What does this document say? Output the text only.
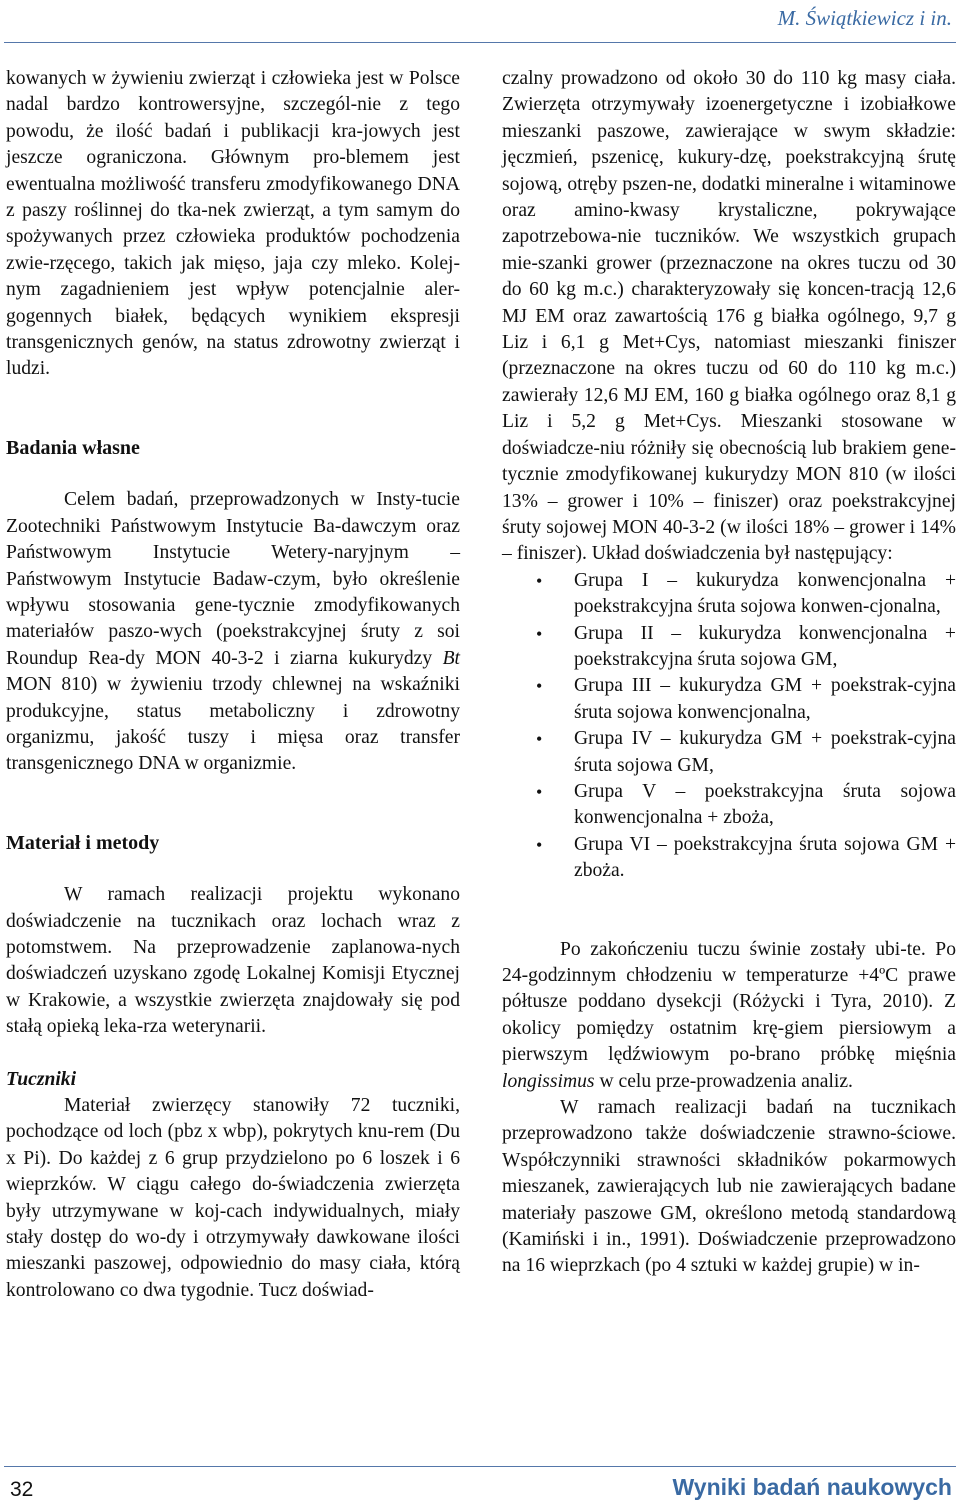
M. Świątkiewicz i in.

kowanych w żywieniu zwierząt i człowieka jest w Polsce nadal bardzo kontrowersyjne, szczegól-nie z tego powodu, że ilość badań i publikacji kra-jowych jest jeszcze ograniczona. Głównym pro-blemem jest ewentualna możliwość transferu zmodyfikowanego DNA z paszy roślinnej do tka-nek zwierząt, a tym samym do spożywanych przez człowieka produktów pochodzenia zwie-rzęcego, takich jak mięso, jaja czy mleko. Kolej-nym zagadnieniem jest wpływ potencjalnie aler-gogennych białek, będących wynikiem ekspresji transgenicznych genów, na status zdrowotny zwierząt i ludzi.

Badania własne

Celem badań, przeprowadzonych w Insty-tucie Zootechniki Państwowym Instytucie Ba-dawczym oraz Państwowym Instytucie Wetery-naryjnym – Państwowym Instytucie Badaw-czym, było określenie wpływu stosowania gene-tycznie zmodyfikowanych materiałów paszo-wych (poekstrakcyjnej śruty z soi Roundup Rea-dy MON 40-3-2 i ziarna kukurydzy Bt MON 810) w żywieniu trzody chlewnej na wskaźniki produkcyjne, status metaboliczny i zdrowotny organizmu, jakość tuszy i mięsa oraz transfer transgenicznego DNA w organizmie.

Materiał i metody

W ramach realizacji projektu wykonano doświadczenie na tucznikach oraz lochach wraz z potomstwem. Na przeprowadzenie zaplanowa-nych doświadczeń uzyskano zgodę Lokalnej Komisji Etycznej w Krakowie, a wszystkie zwierzęta znajdowały się pod stałą opieką leka-rza weterynarii.

Tuczniki

Materiał zwierzęcy stanowiły 72 tuczniki, pochodzące od loch (pbz x wbp), pokrytych knu-rem (Du x Pi). Do każdej z 6 grup przydzielono po 6 loszek i 6 wieprzków. W ciągu całego do-świadczenia zwierzęta były utrzymywane w koj-cach indywidualnych, miały stały dostęp do wo-dy i otrzymywały dawkowane ilości mieszanki paszowej, odpowiednio do masy ciała, którą kontrolowano co dwa tygodnie. Tucz doświad-

czalny prowadzono od około 30 do 110 kg masy ciała. Zwierzęta otrzymywały izoenergetyczne i izobiałkowe mieszanki paszowe, zawierające w swym składzie: jęczmień, pszenicę, kukury-dzę, poekstrakcyjną śrutę sojową, otręby pszen-ne, dodatki mineralne i witaminowe oraz amino-kwasy krystaliczne, pokrywające zapotrzebowa-nie tuczników. We wszystkich grupach mie-szanki grower (przeznaczone na okres tuczu od 30 do 60 kg m.c.) charakteryzowały się koncen-tracją 12,6 MJ EM oraz zawartością 176 g białka ogólnego, 9,7 g Liz i 6,1 g Met+Cys, natomiast mieszanki finiszer (przeznaczone na okres tuczu od 60 do 110 kg m.c.) zawierały 12,6 MJ EM, 160 g białka ogólnego oraz 8,1 g Liz i 5,2 g Met+Cys. Mieszanki stosowane w doświadcze-niu różniły się obecnością lub brakiem gene-tycznie zmodyfikowanej kukurydzy MON 810 (w ilości 13% – grower i 10% – finiszer) oraz poekstrakcyjnej śruty sojowej MON 40-3-2 (w ilości 18% – grower i 14% – finiszer). Układ doświadczenia był następujący:

• Grupa I – kukurydza konwencjonalna + poekstrakcyjna śruta sojowa konwen-cjonalna,
• Grupa II – kukurydza konwencjonalna + poekstrakcyjna śruta sojowa GM,
• Grupa III – kukurydza GM + poekstrak-cyjna śruta sojowa konwencjonalna,
• Grupa IV – kukurydza GM + poekstrak-cyjna śruta sojowa GM,
• Grupa V – poekstrakcyjna śruta sojowa konwencjonalna + zboża,
• Grupa VI – poekstrakcyjna śruta sojowa GM + zboża.

Po zakończeniu tuczu świnie zostały ubi-te. Po 24-godzinnym chłodzeniu w temperaturze +4ºC prawe półtusze poddano dysekcji (Różycki i Tyra, 2010). Z okolicy pomiędzy ostatnim krę-giem piersiowym a pierwszym lędźwiowym po-brano próbkę mięśnia longissimus w celu prze-prowadzenia analiz.

W ramach realizacji badań na tucznikach przeprowadzono także doświadczenie strawno-ściowe. Współczynniki strawności składników pokarmowych mieszanek, zawierających lub nie zawierających badane materiały paszowe GM, określono metodą standardową (Kamiński i in., 1991). Doświadczenie przeprowadzono na 16 wieprzkach (po 4 sztuki w każdej grupie) w in-

32	Wyniki badań naukowych
